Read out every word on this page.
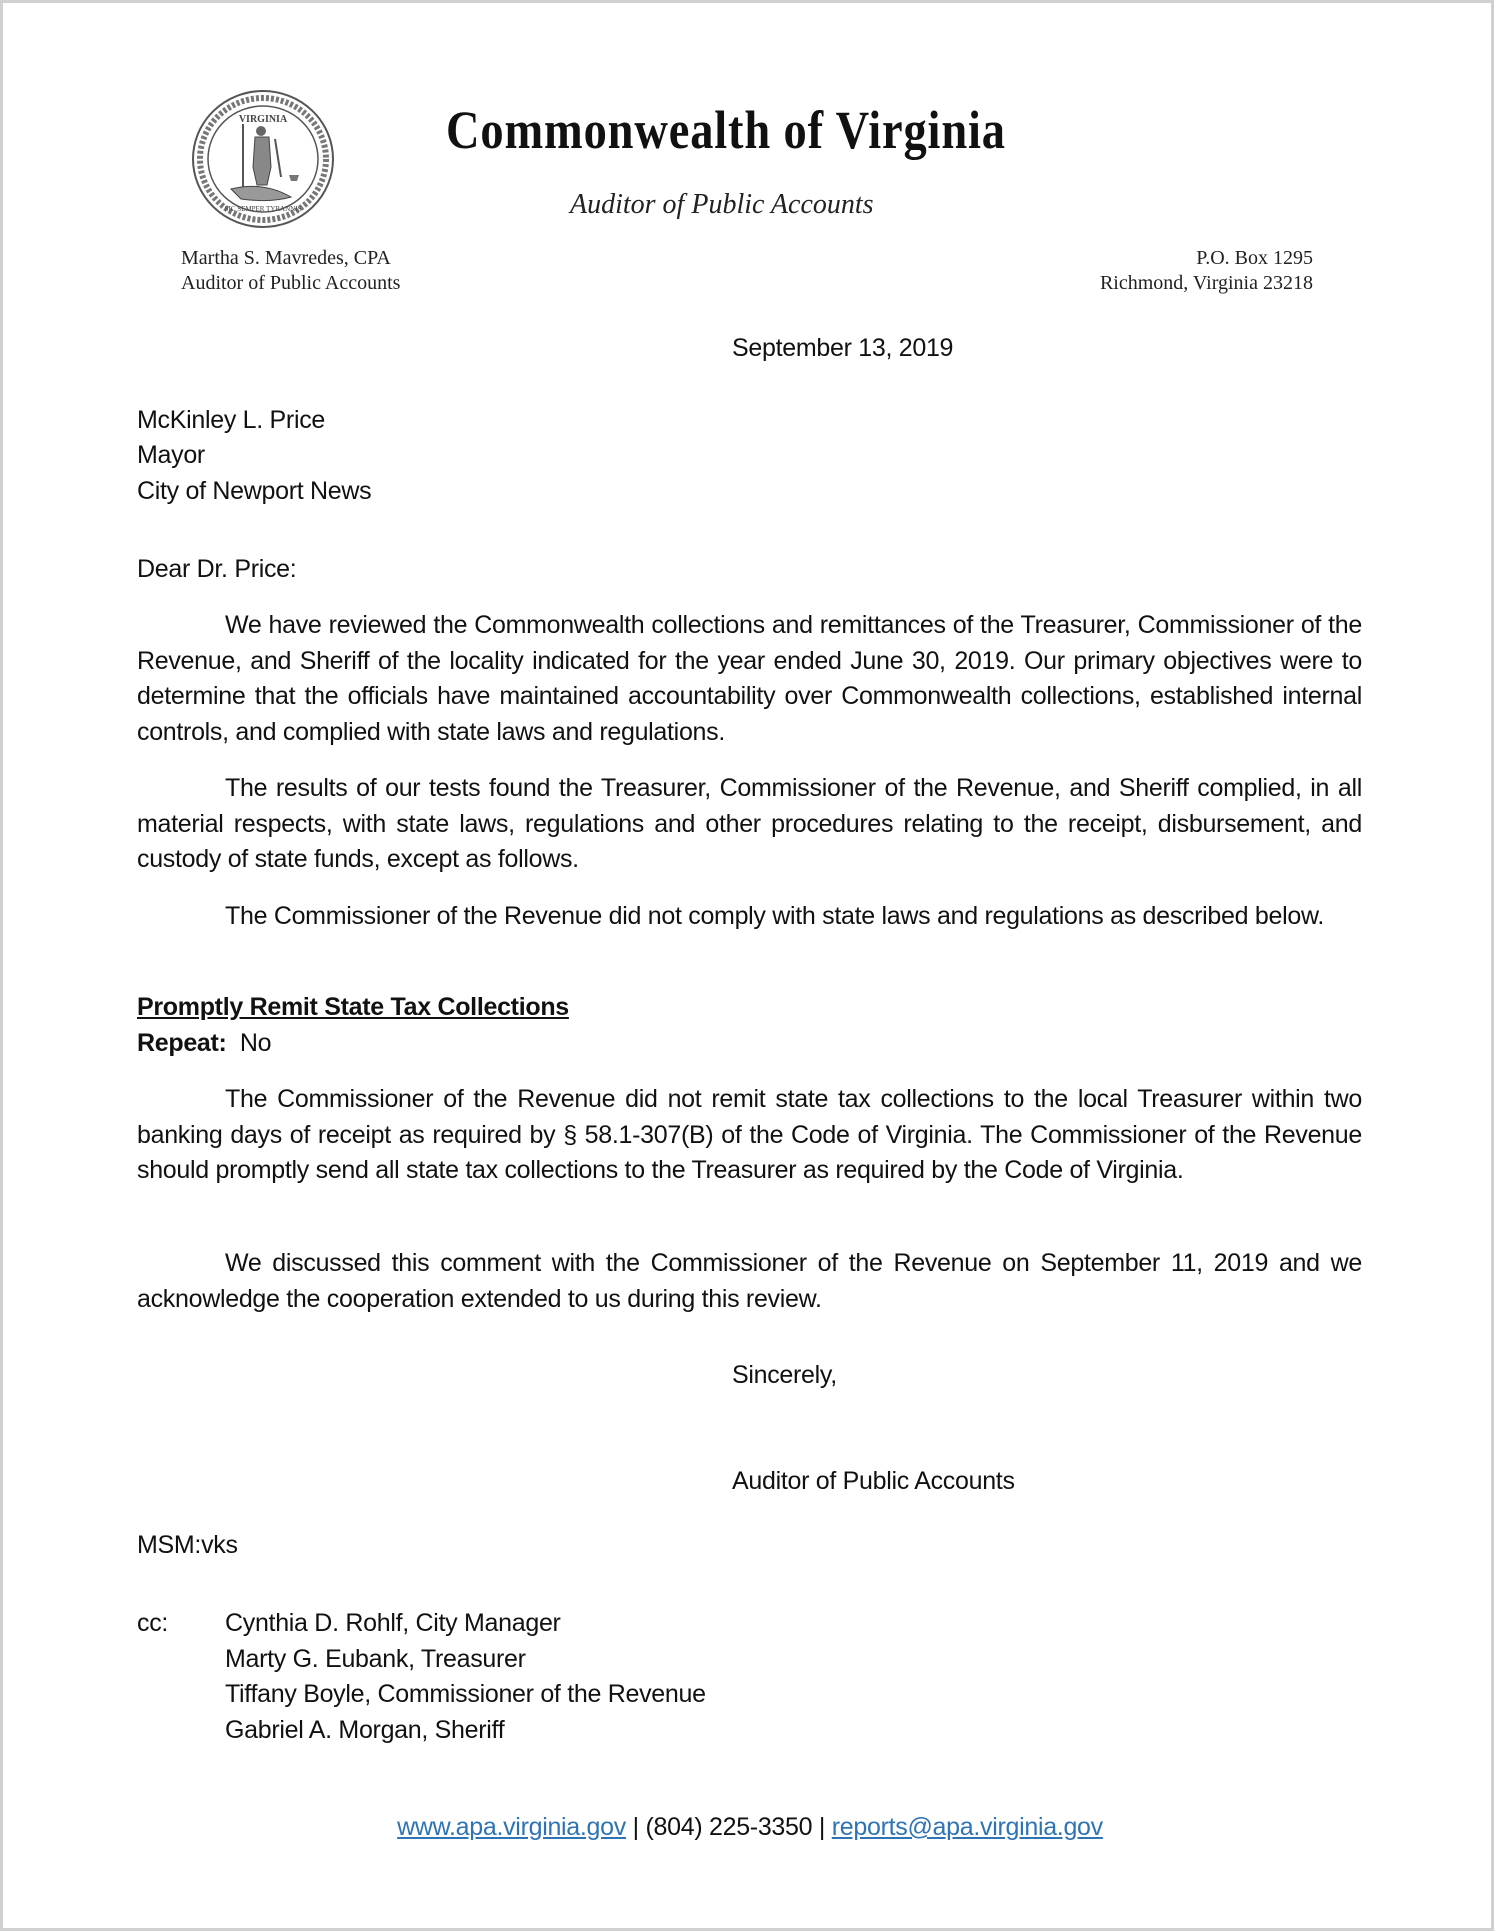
VIRGINIA
SIC SEMPER TYRANNIS
Commonwealth of Virginia
Auditor of Public Accounts
Martha S. Mavredes, CPA
Auditor of Public Accounts
P.O. Box 1295
Richmond, Virginia 23218
September 13, 2019
McKinley L. Price
Mayor
City of Newport News
Dear Dr. Price:
We have reviewed the Commonwealth collections and remittances of the Treasurer, Commissioner of the Revenue, and Sheriff of the locality indicated for the year ended June 30, 2019. Our primary objectives were to determine that the officials have maintained accountability over Commonwealth collections, established internal controls, and complied with state laws and regulations.
The results of our tests found the Treasurer, Commissioner of the Revenue, and Sheriff complied, in all material respects, with state laws, regulations and other procedures relating to the receipt, disbursement, and custody of state funds, except as follows.
The Commissioner of the Revenue did not comply with state laws and regulations as described below.
Promptly Remit State Tax Collections
Repeat: No
The Commissioner of the Revenue did not remit state tax collections to the local Treasurer within two banking days of receipt as required by § 58.1-307(B) of the Code of Virginia. The Commissioner of the Revenue should promptly send all state tax collections to the Treasurer as required by the Code of Virginia.
We discussed this comment with the Commissioner of the Revenue on September 11, 2019 and we acknowledge the cooperation extended to us during this review.
Sincerely,
Auditor of Public Accounts
MSM:vks
cc: Cynthia D. Rohlf, City Manager
Marty G. Eubank, Treasurer
Tiffany Boyle, Commissioner of the Revenue
Gabriel A. Morgan, Sheriff
www.apa.virginia.gov | (804) 225-3350 | reports@apa.virginia.gov
